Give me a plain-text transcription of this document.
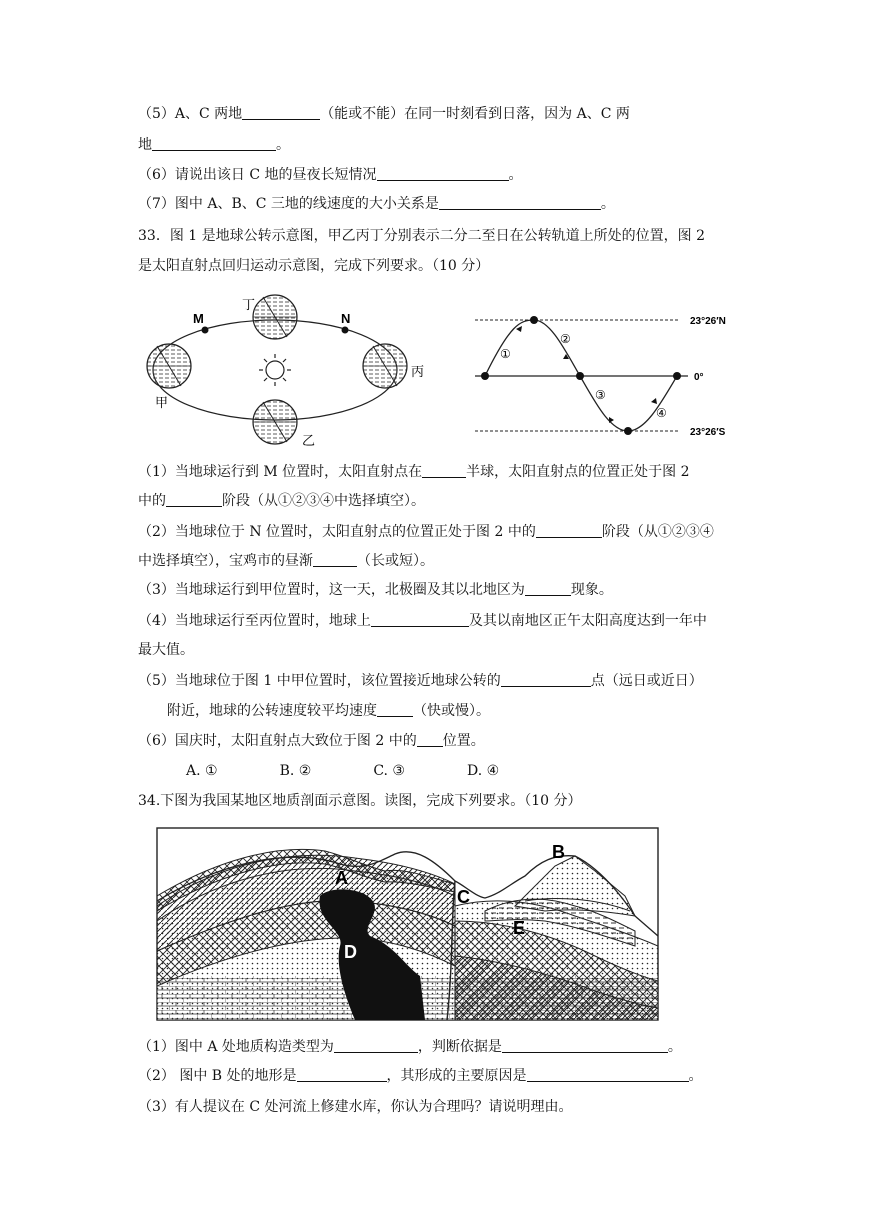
（5）A、C 两地	（能或不能）在同一时刻看到日落，因为 A、C 两
地	。
（6）请说出该日 C 地的昼夜长短情况	。
（7）图中 A、B、C 三地的线速度的大小关系是	。
33．图 1 是地球公转示意图，甲乙丙丁分别表示二分二至日在公转轨道上所处的位置，图 2
是太阳直射点回归运动示意图，完成下列要求。（10 分）
M	N
丁
丙
甲
乙
①
②
③
④
23°26′N
0°
23°26′S
（1）当地球运行到 M 位置时，太阳直射点在	半球，太阳直射点的位置正处于图 2
中的	阶段（从①②③④中选择填空）。
（2）当地球位于 N 位置时，太阳直射点的位置正处于图 2 中的	阶段（从①②③④
中选择填空），宝鸡市的昼渐	（长或短）。
（3）当地球运行到甲位置时，这一天，北极圈及其以北地区为	现象。
（4）当地球运行至丙位置时，地球上	及其以南地区正午太阳高度达到一年中
最大值。
（5）当地球位于图 1 中甲位置时，该位置接近地球公转的	点（远日或近日）
附近，地球的公转速度较平均速度	（快或慢）。
（6）国庆时，太阳直射点大致位于图 2 中的 位置。
A. ①	B. ②	C. ③	D. ④
34.下图为我国某地区地质剖面示意图。读图，完成下列要求。（10 分）
A
B
C
D
E
（1）图中 A 处地质构造类型为	，判断依据是	。
（2） 图中 B 处的地形是	，其形成的主要原因是	。
（3）有人提议在 C 处河流上修建水库，你认为合理吗？请说明理由。
